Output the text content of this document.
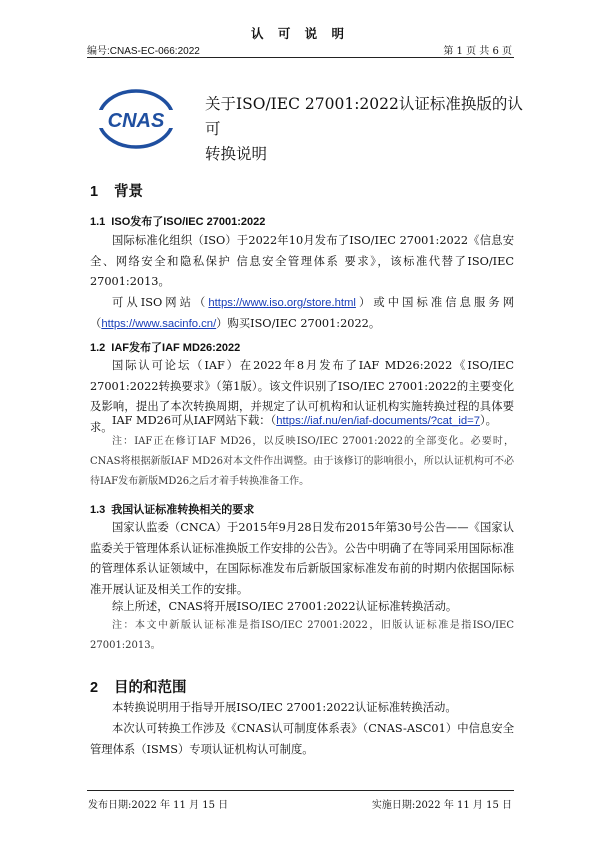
认 可 说 明
编号:CNAS-EC-066:2022	第 1 页 共 6 页
CNAS
关于ISO/IEC 27001:2022认证标准换版的认可
转换说明
1 背景
1.1 ISO发布了ISO/IEC 27001:2022
国际标准化组织（ISO）于2022年10月发布了ISO/IEC 27001:2022《信息安全、网络安全和隐私保护 信息安全管理体系 要求》，该标准代替了ISO/IEC 27001:2013。
可从ISO网站（https://www.iso.org/store.html）或中国标准信息服务网（https://www.sacinfo.cn/）购买ISO/IEC 27001:2022。
1.2 IAF发布了IAF MD26:2022
国际认可论坛（IAF）在2022年8月发布了IAF MD26:2022《ISO/IEC 27001:2022转换要求》（第1版）。该文件识别了ISO/IEC 27001:2022的主要变化及影响，提出了本次转换周期，并规定了认可机构和认证机构实施转换过程的具体要求。 IAF MD26可从IAF网站下载：（https://iaf.nu/en/iaf-documents/?cat_id=7）。
注：IAF正在修订IAF MD26，以反映ISO/IEC 27001:2022的全部变化。必要时，CNAS将根据新版IAF MD26对本文件作出调整。由于该修订的影响很小，所以认证机构可不必待IAF发布新版MD26之后才着手转换准备工作。
1.3 我国认证标准转换相关的要求
国家认监委（CNCA）于2015年9月28日发布2015年第30号公告——《国家认监委关于管理体系认证标准换版工作安排的公告》。公告中明确了在等同采用国际标准的管理体系认证领域中，在国际标准发布后新版国家标准发布前的时期内依据国际标准开展认证及相关工作的安排。
综上所述，CNAS将开展ISO/IEC 27001:2022认证标准转换活动。
注：本文中新版认证标准是指ISO/IEC 27001:2022，旧版认证标准是指ISO/IEC 27001:2013。
2 目的和范围
本转换说明用于指导开展ISO/IEC 27001:2022认证标准转换活动。
本次认可转换工作涉及《CNAS认可制度体系表》（CNAS-ASC01）中信息安全管理体系（ISMS）专项认证机构认可制度。
发布日期:2022 年 11 月 15 日	实施日期:2022 年 11 月 15 日
